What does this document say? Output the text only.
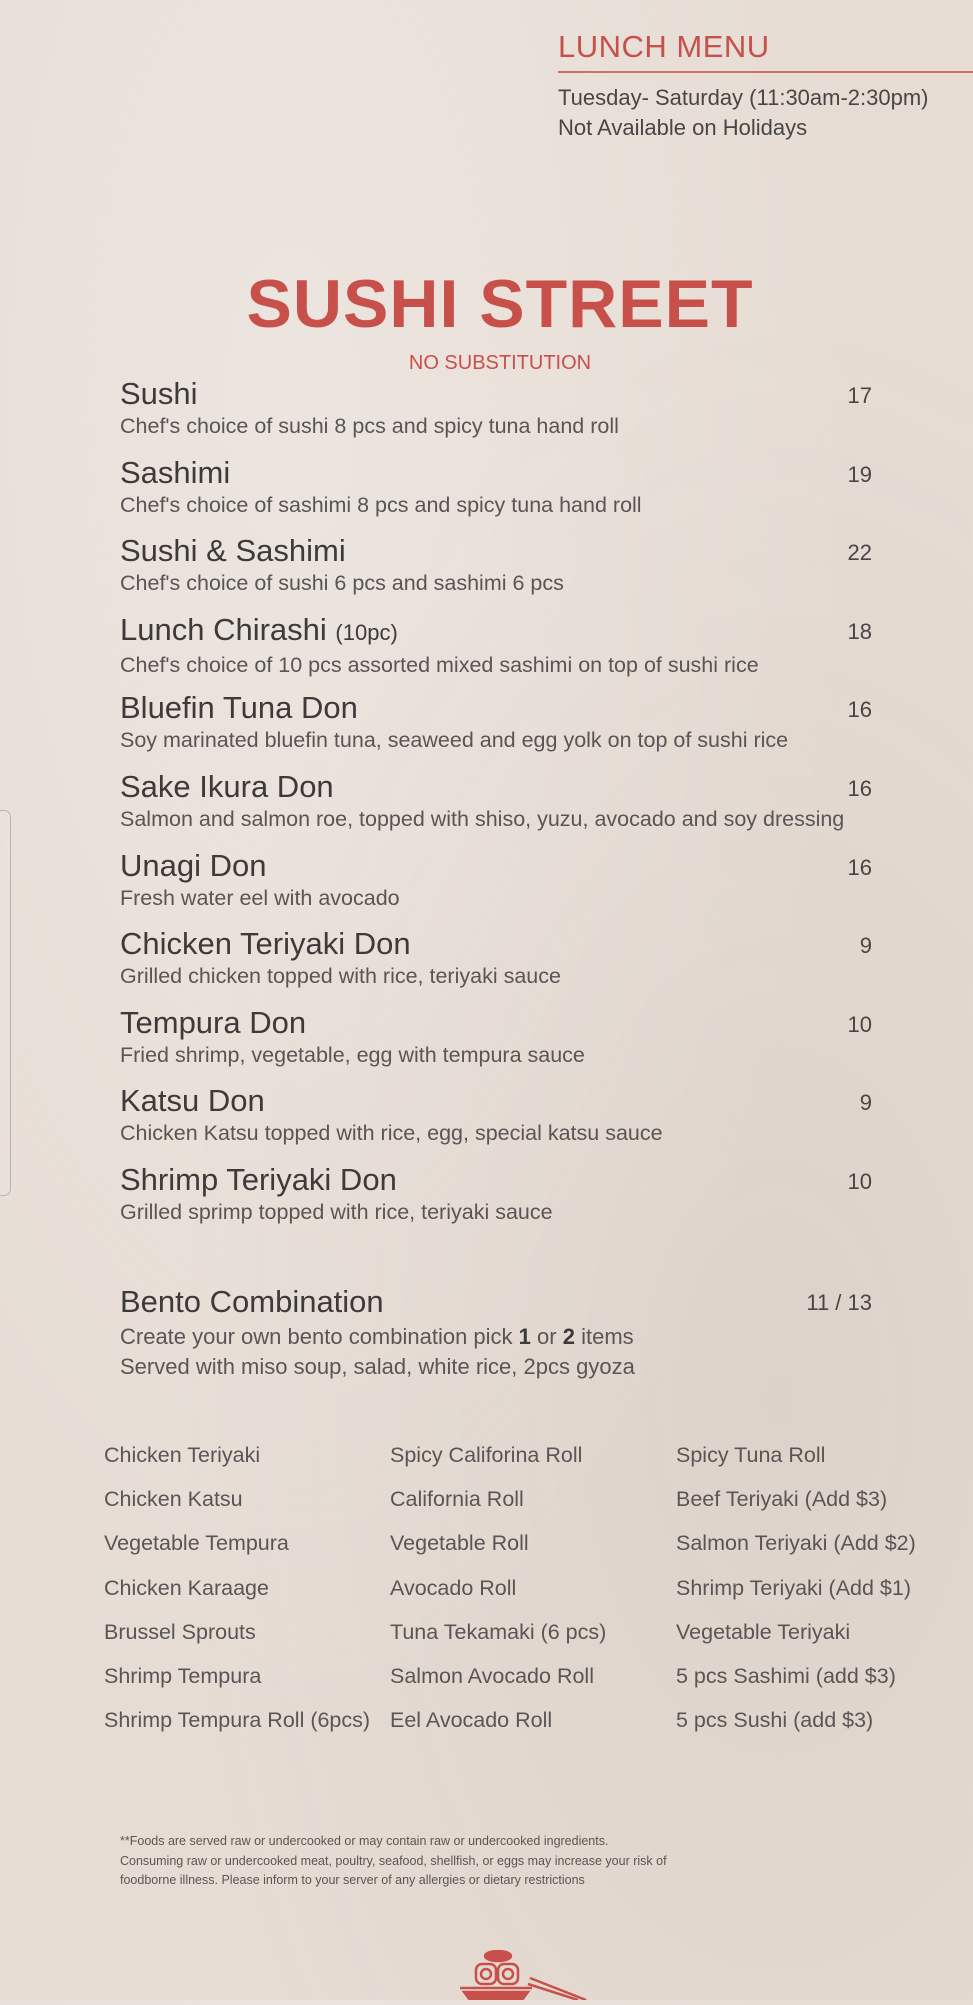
LUNCH MENU
Tuesday- Saturday (11:30am-2:30pm)
Not Available on Holidays
SUSHI STREET
NO SUBSTITUTION
Sushi	17
Chef's choice of sushi 8 pcs and spicy tuna hand roll
Sashimi	19
Chef's choice of sashimi 8 pcs and spicy tuna hand roll
Sushi & Sashimi	22
Chef's choice of sushi 6 pcs and sashimi 6 pcs
Lunch Chirashi (10pc)	18
Chef's choice of 10 pcs assorted mixed sashimi on top of sushi rice
Bluefin Tuna Don	16
Soy marinated bluefin tuna, seaweed and egg yolk on top of sushi rice
Sake Ikura Don	16
Salmon and salmon roe, topped with shiso, yuzu, avocado and soy dressing
Unagi Don	16
Fresh water eel with avocado
Chicken Teriyaki Don	9
Grilled chicken topped with rice, teriyaki sauce
Tempura Don	10
Fried shrimp, vegetable, egg with tempura sauce
Katsu Don	9
Chicken Katsu topped with rice, egg, special katsu sauce
Shrimp Teriyaki Don	10
Grilled sprimp topped with rice, teriyaki sauce
Bento Combination	11 / 13
Create your own bento combination pick 1 or 2 items
Served with miso soup, salad, white rice, 2pcs gyoza
Chicken Teriyaki
Chicken Katsu
Vegetable Tempura
Chicken Karaage
Brussel Sprouts
Shrimp Tempura
Shrimp Tempura Roll (6pcs)
Spicy Califorina Roll
California Roll
Vegetable Roll
Avocado Roll
Tuna Tekamaki (6 pcs)
Salmon Avocado Roll
Eel Avocado Roll
Spicy Tuna Roll
Beef Teriyaki (Add $3)
Salmon Teriyaki (Add $2)
Shrimp Teriyaki (Add $1)
Vegetable Teriyaki
5 pcs Sashimi (add $3)
5 pcs Sushi (add $3)
**Foods are served raw or undercooked or may contain raw or undercooked ingredients.
Consuming raw or undercooked meat, poultry, seafood, shellfish, or eggs may increase your risk of
foodborne illness. Please inform to your server of any allergies or dietary restrictions
